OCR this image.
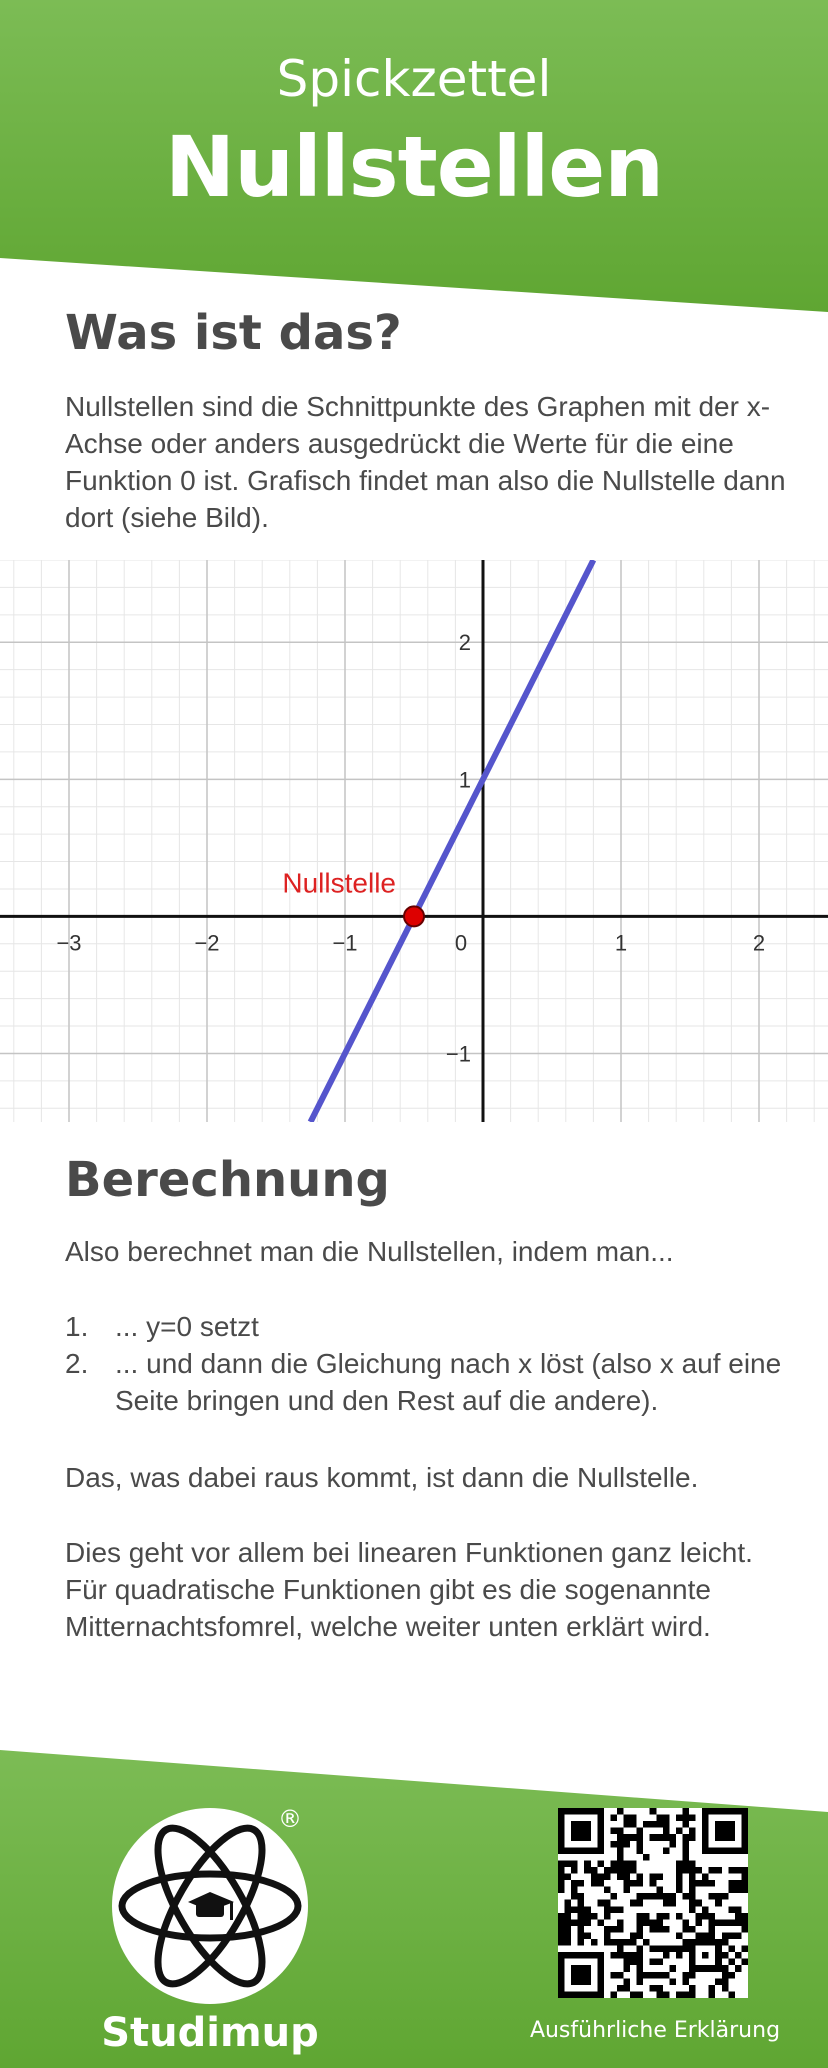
Spickzettel
Nullstellen
Was ist das?

Nullstellen sind die Schnittpunkte des Graphen mit der x-Achse oder anders ausgedrückt die Werte für die eine Funktion 0 ist. Grafisch findet man also die Nullstelle dann dort (siehe Bild).

−3	−2	−1	0	1	2
2
1
−1
Nullstelle
Berechnung

Also berechnet man die Nullstellen, indem man...

1. ... y=0 setzt
2. ... und dann die Gleichung nach x löst (also x auf eine Seite bringen und den Rest auf die andere).

Das, was dabei raus kommt, ist dann die Nullstelle.

Dies geht vor allem bei linearen Funktionen ganz leicht. Für quadratische Funktionen gibt es die sogenannte Mitternachtsfomrel, welche weiter unten erklärt wird.

®
Studimup	Ausführliche Erklärung
